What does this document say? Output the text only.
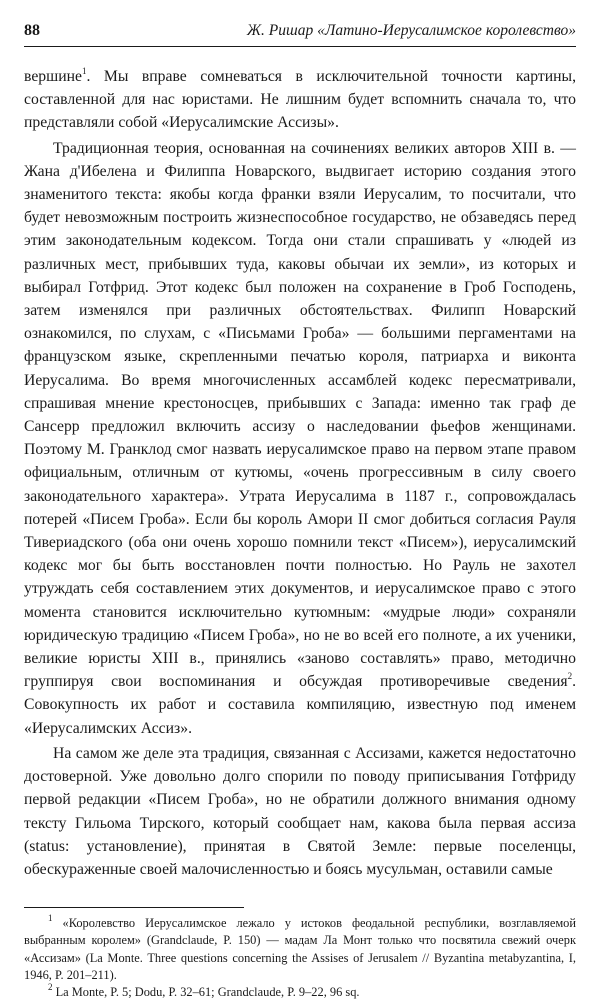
88	Ж. Ришар «Латино-Иерусалимское королевство»

вершине$^1$. Мы вправе сомневаться в исключительной точности картины, составленной для нас юристами. Не лишним будет вспомнить сначала то, что представляли собой «Иерусалимские Ассизы».

Традиционная теория, основанная на сочинениях великих авторов XIII в. — Жана д'Ибелена и Филиппа Новарского, выдвигает историю создания этого знаменитого текста: якобы когда франки взяли Иерусалим, то посчитали, что будет невозможным построить жизнеспособное государство, не обзаведясь перед этим законодательным кодексом. Тогда они стали спрашивать у «людей из различных мест, прибывших туда, каковы обычаи их земли», из которых и выбирал Готфрид. Этот кодекс был положен на сохранение в Гроб Господень, затем изменялся при различных обстоятельствах. Филипп Новарский ознакомился, по слухам, с «Письмами Гроба» — большими пергаментами на французском языке, скрепленными печатью короля, патриарха и виконта Иерусалима. Во время многочисленных ассамблей кодекс пересматривали, спрашивая мнение крестоносцев, прибывших с Запада: именно так граф де Сансерр предложил включить ассизу о наследовании фьефов женщинами. Поэтому М. Гранклод смог назвать иерусалимское право на первом этапе правом официальным, отличным от кутюмы, «очень прогрессивным в силу своего законодательного характера». Утрата Иерусалима в 1187 г., сопровождалась потерей «Писем Гроба». Если бы король Амори II смог добиться согласия Рауля Тивериадского (оба они очень хорошо помнили текст «Писем»), иерусалимский кодекс мог бы быть восстановлен почти полностью. Но Рауль не захотел утруждать себя составлением этих документов, и иерусалимское право с этого момента становится исключительно кутюмным: «мудрые люди» сохраняли юридическую традицию «Писем Гроба», но не во всей его полноте, а их ученики, великие юристы XIII в., принялись «заново составлять» право, методично группируя свои воспоминания и обсуждая противоречивые сведения$^2$. Совокупность их работ и составила компиляцию, известную под именем «Иерусалимских Ассиз».

На самом же деле эта традиция, связанная с Ассизами, кажется недостаточно достоверной. Уже довольно долго спорили по поводу приписывания Готфриду первой редакции «Писем Гроба», но не обратили должного внимания одному тексту Гильома Тирского, который сообщает нам, какова была первая ассиза (status: установление), принятая в Святой Земле: первые поселенцы, обескураженные своей малочисленностью и боясь мусульман, оставили самые

$^1$ «Королевство Иерусалимское лежало у истоков феодальной республики, возглавляемой выбранным королем» (Grandclaude, P. 150) — мадам Ла Монт только что посвятила свежий очерк «Ассизам» (La Monte. Three questions concerning the Assises of Jerusalem // Byzantina metabyzantina, I, 1946, P. 201–211).

$^2$ La Monte, P. 5; Dodu, P. 32–61; Grandclaude, P. 9–22, 96 sq.
